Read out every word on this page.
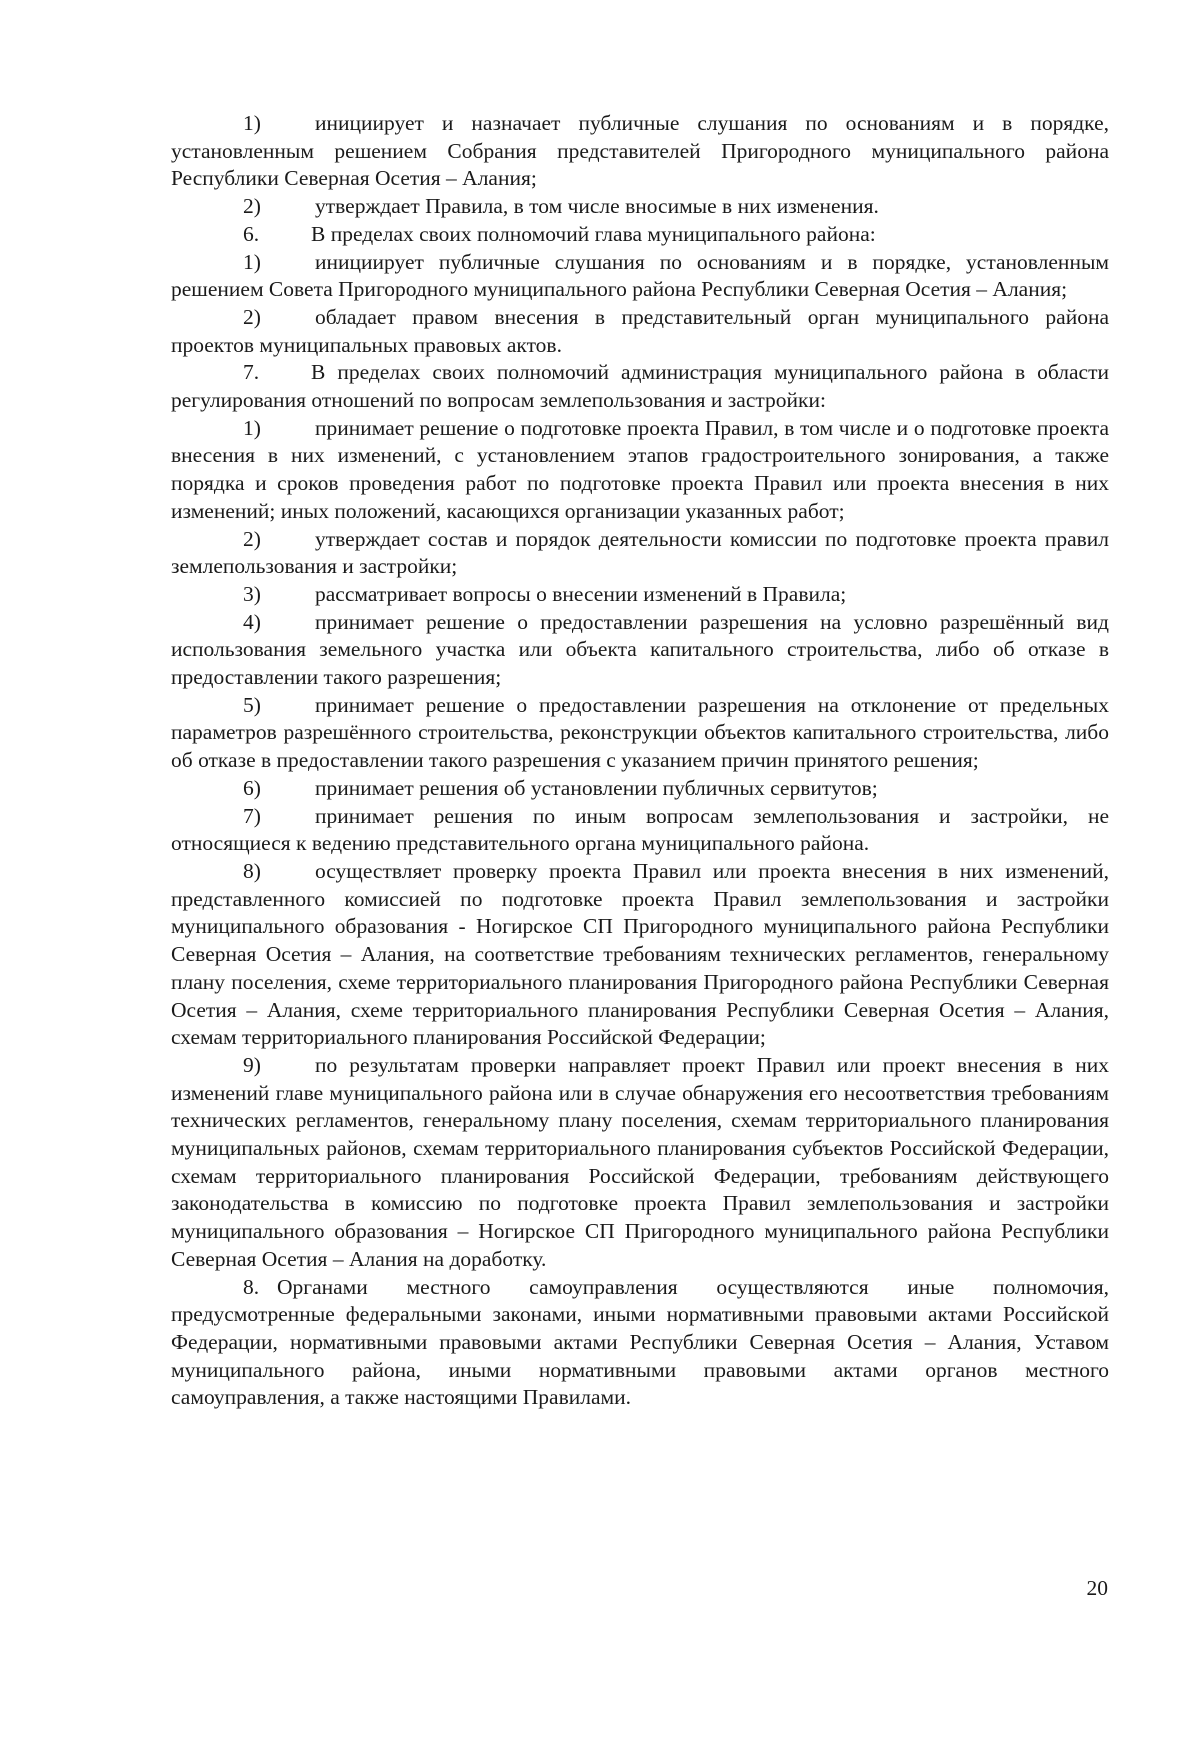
1)	инициирует и назначает публичные слушания по основаниям и в порядке, установленным решением Собрания представителей Пригородного муниципального района Республики Северная Осетия – Алания;

2)	утверждает Правила, в том числе вносимые в них изменения.

6. В пределах своих полномочий глава муниципального района:

1)	инициирует публичные слушания по основаниям и в порядке, установленным решением Совета Пригородного муниципального района Республики Северная Осетия – Алания;

2)	обладает правом внесения в представительный орган муниципального района проектов муниципальных правовых актов.

7. В пределах своих полномочий администрация муниципального района в области регулирования отношений по вопросам землепользования и застройки:

1)	принимает решение о подготовке проекта Правил, в том числе и о подготовке проекта внесения в них изменений, с установлением этапов градостроительного зонирования, а также порядка и сроков проведения работ по подготовке проекта Правил или проекта внесения в них изменений; иных положений, касающихся организации указанных работ;

2)	утверждает состав и порядок деятельности комиссии по подготовке проекта правил землепользования и застройки;

3)	рассматривает вопросы о внесении изменений в Правила;

4)	принимает решение о предоставлении разрешения на условно разрешённый вид использования земельного участка или объекта капитального строительства, либо об отказе в предоставлении такого разрешения;

5)	принимает решение о предоставлении разрешения на отклонение от предельных параметров разрешённого строительства, реконструкции объектов капитального строительства, либо об отказе в предоставлении такого разрешения с указанием причин принятого решения;

6)	принимает решения об установлении публичных сервитутов;

7)	принимает решения по иным вопросам землепользования и застройки, не относящиеся к ведению представительного органа муниципального района.

8)	осуществляет проверку проекта Правил или проекта внесения в них изменений, представленного комиссией по подготовке проекта Правил землепользования и застройки муниципального образования - Ногирское СП Пригородного муниципального района Республики Северная Осетия – Алания, на соответствие требованиям технических регламентов, генеральному плану поселения, схеме территориального планирования Пригородного района Республики Северная Осетия – Алания, схеме территориального планирования Республики Северная Осетия – Алания, схемам территориального планирования Российской Федерации;

9)	по результатам проверки направляет проект Правил или проект внесения в них изменений главе муниципального района или в случае обнаружения его несоответствия требованиям технических регламентов, генеральному плану поселения, схемам территориального планирования муниципальных районов, схемам территориального планирования субъектов Российской Федерации, схемам территориального планирования Российской Федерации, требованиям действующего законодательства в комиссию по подготовке проекта Правил землепользования и застройки муниципального образования – Ногирское СП Пригородного муниципального района Республики Северная Осетия – Алания на доработку.

8. Органами местного самоуправления осуществляются иные полномочия, предусмотренные федеральными законами, иными нормативными правовыми актами Российской Федерации, нормативными правовыми актами Республики Северная Осетия – Алания, Уставом муниципального района, иными нормативными правовыми актами органов местного самоуправления, а также настоящими Правилами.

20
